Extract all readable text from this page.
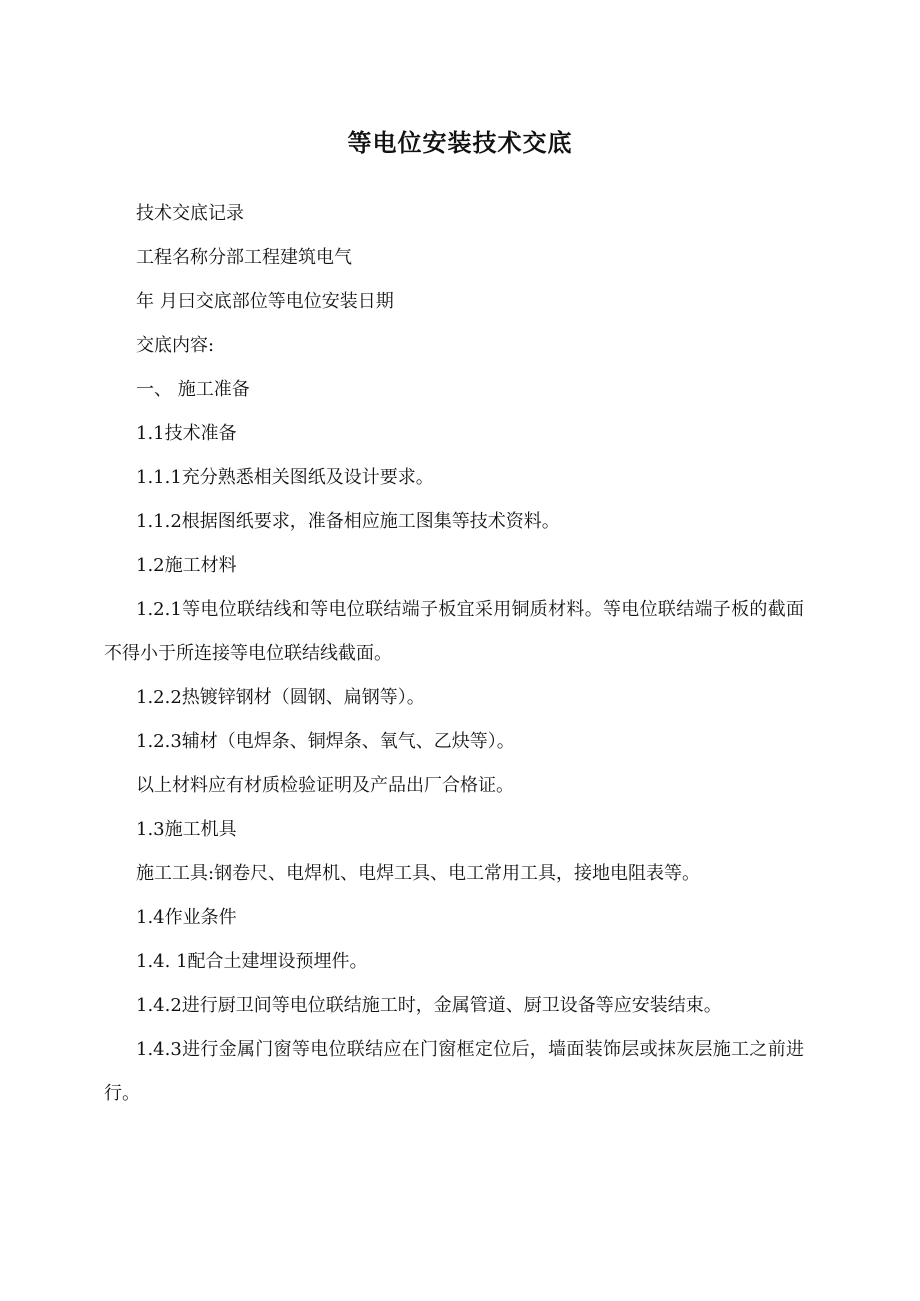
等电位安装技术交底

技术交底记录

工程名称分部工程建筑电气

年 月曰交底部位等电位安装日期

交底内容:

一、 施工准备

1.1技术准备

1.1.1充分熟悉相关图纸及设计要求。

1.1.2根据图纸要求，准备相应施工图集等技术资料。

1.2施工材料

1.2.1等电位联结线和等电位联结端子板宜采用铜质材料。等电位联结端子板的截面不得小于所连接等电位联结线截面。

1.2.2热镀锌钢材（圆钢、扁钢等）。

1.2.3辅材（电焊条、铜焊条、氧气、乙炔等）。

以上材料应有材质检验证明及产品出厂合格证。

1.3施工机具

施工工具:钢卷尺、电焊机、电焊工具、电工常用工具，接地电阻表等。

1.4作业条件

1.4. 1配合土建埋设预埋件。

1.4.2进行厨卫间等电位联结施工时，金属管道、厨卫设备等应安装结束。

1.4.3进行金属门窗等电位联结应在门窗框定位后，墙面装饰层或抹灰层施工之前进行。
